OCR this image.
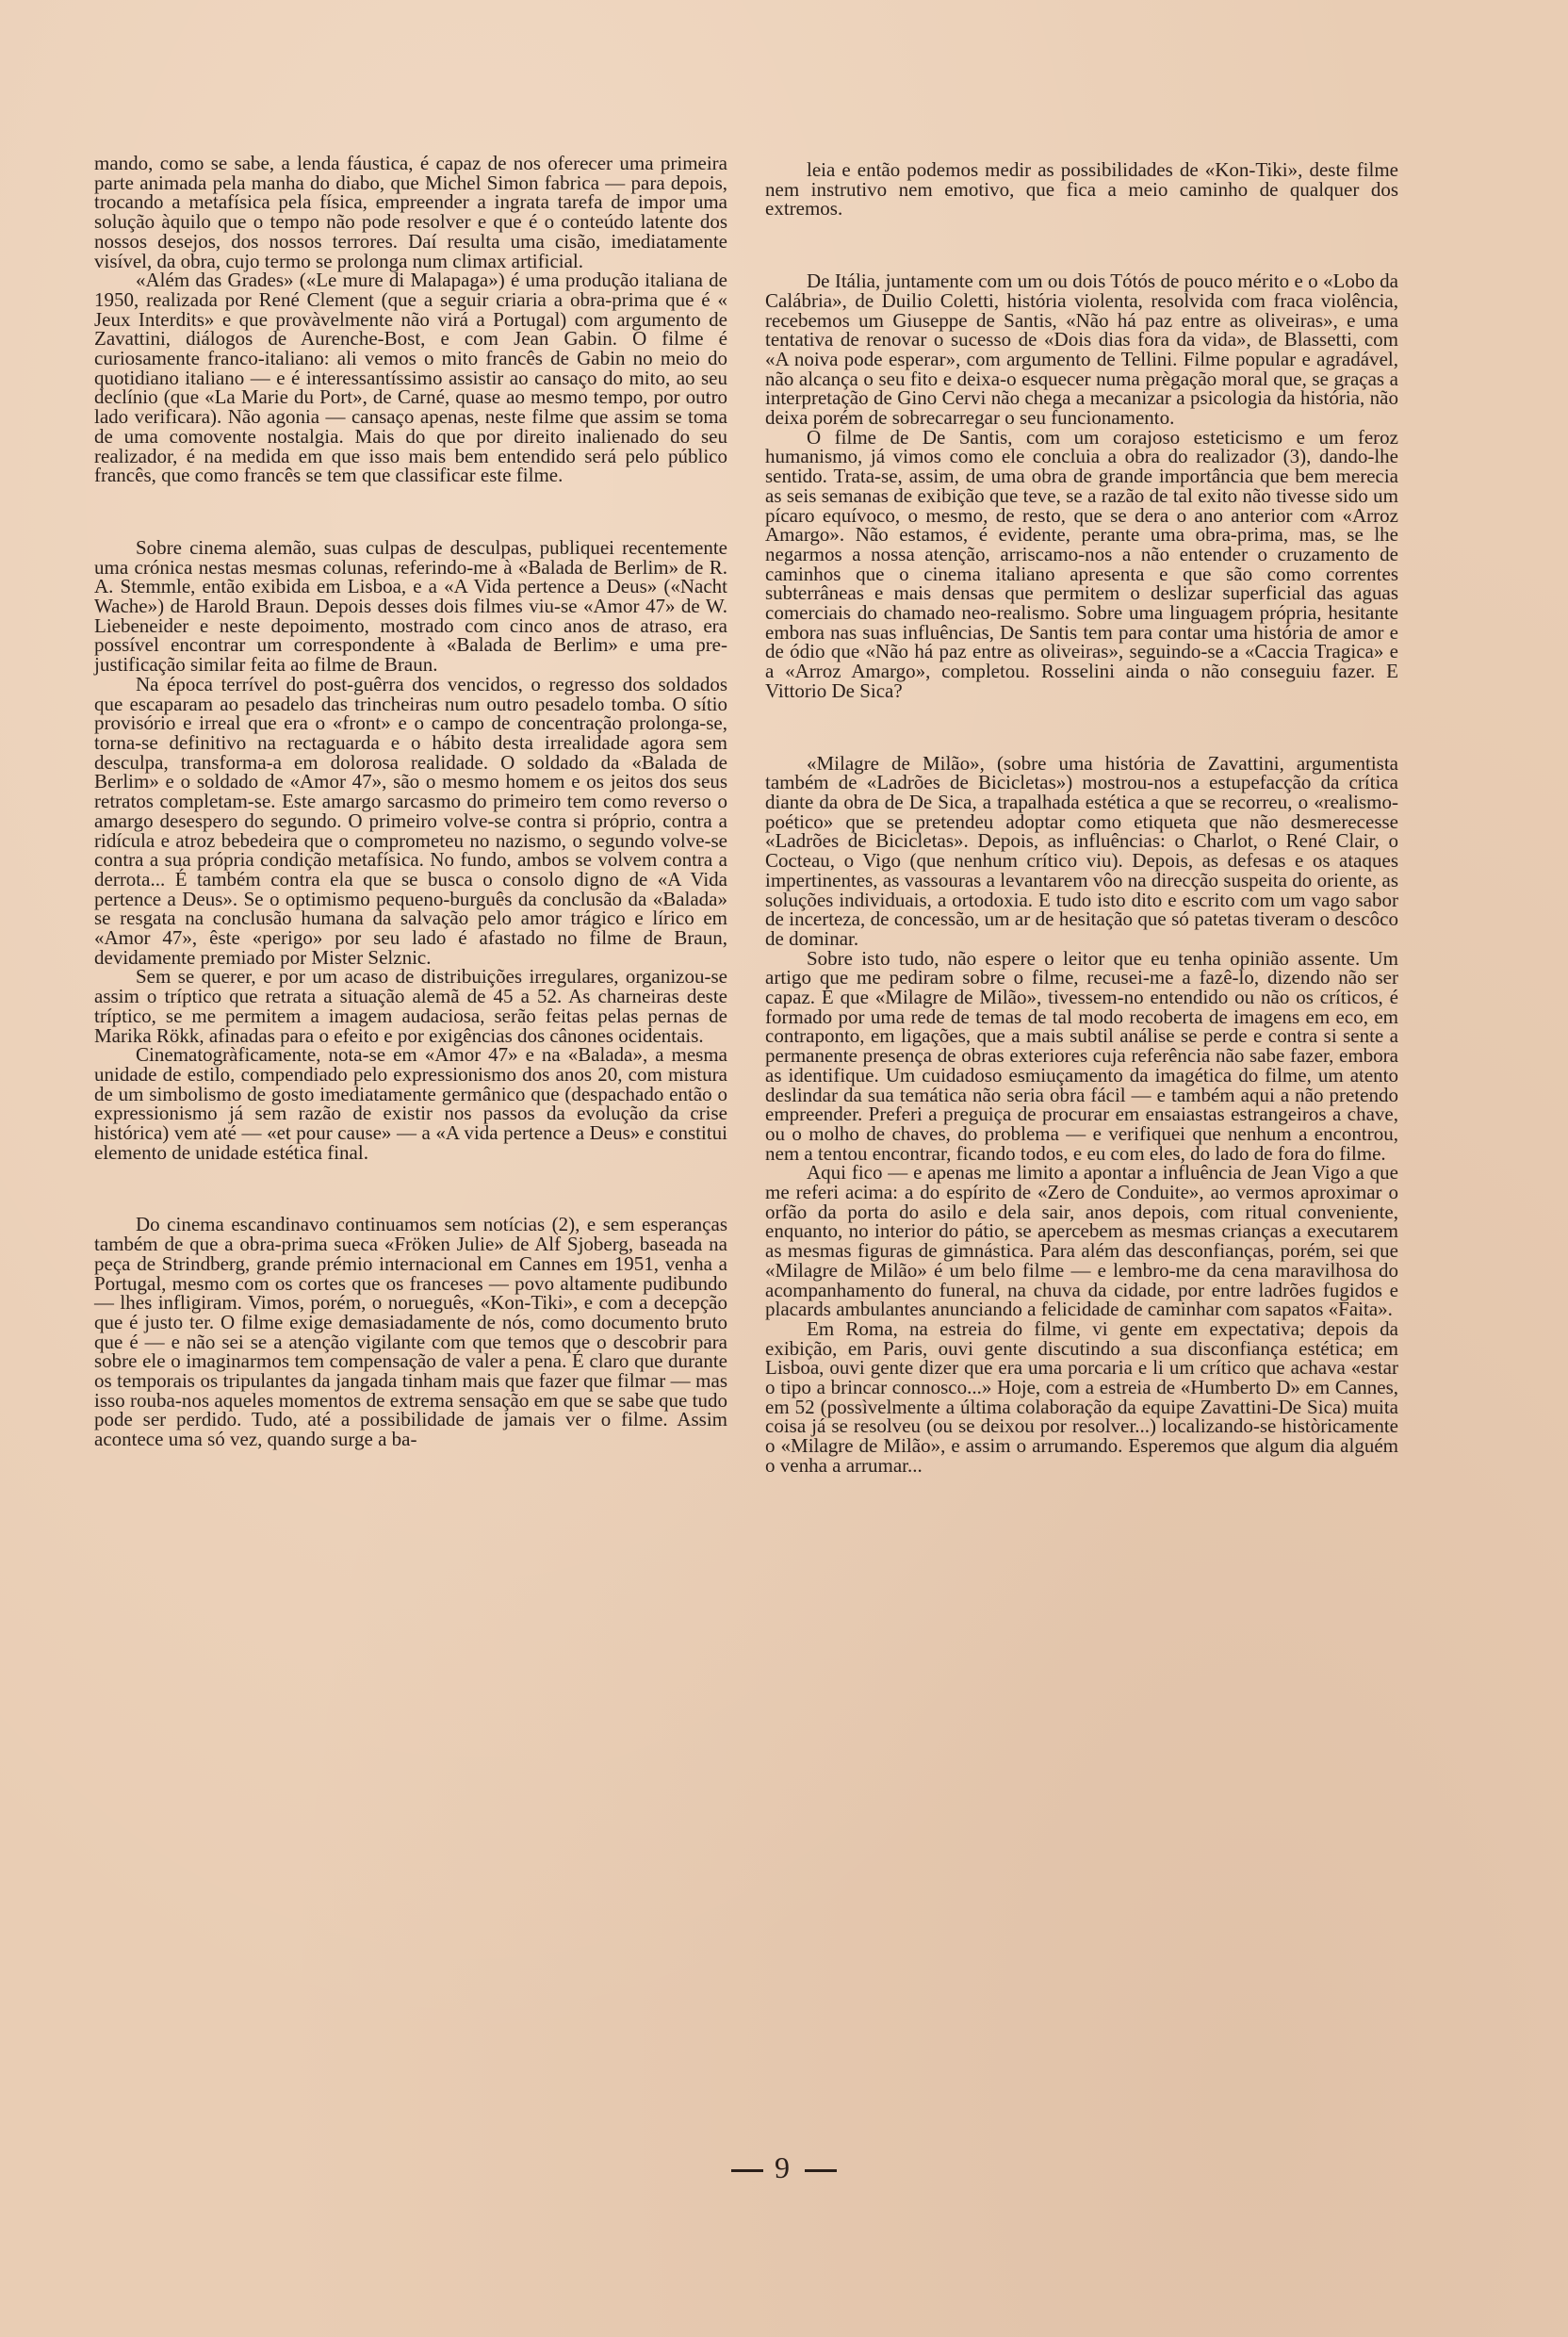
mando, como se sabe, a lenda fáustica, é capaz de nos oferecer uma primeira parte animada pela manha do diabo, que Michel Simon fabrica — para depois, trocando a metafísica pela física, empreender a ingrata tarefa de impor uma solução àquilo que o tempo não pode resolver e que é o conteúdo latente dos nossos desejos, dos nossos terrores. Daí resulta uma cisão, imediatamente visível, da obra, cujo termo se prolonga num climax artificial.

«Além das Grades» («Le mure di Malapaga») é uma produção italiana de 1950, realizada por René Clement (que a seguir criaria a obra-prima que é « Jeux Interdits» e que provàvelmente não virá a Portugal) com argumento de Zavattini, diálogos de Aurenche-Bost, e com Jean Gabin. O filme é curiosamente franco-italiano: ali vemos o mito francês de Gabin no meio do quotidiano italiano — e é interessantíssimo assistir ao cansaço do mito, ao seu declínio (que «La Marie du Port», de Carné, quase ao mesmo tempo, por outro lado verificara). Não agonia — cansaço apenas, neste filme que assim se toma de uma comovente nostalgia. Mais do que por direito inalienado do seu realizador, é na medida em que isso mais bem entendido será pelo público francês, que como francês se tem que classificar este filme.

Sobre cinema alemão, suas culpas de desculpas, publiquei recentemente uma crónica nestas mesmas colunas, referindo-me à «Balada de Berlim» de R. A. Stemmle, então exibida em Lisboa, e a «A Vida pertence a Deus» («Nacht Wache») de Harold Braun. Depois desses dois filmes viu-se «Amor 47» de W. Liebeneider e neste depoimento, mostrado com cinco anos de atraso, era possível encontrar um correspondente à «Balada de Berlim» e uma pre-justificação similar feita ao filme de Braun.

Na época terrível do post-guêrra dos vencidos, o regresso dos soldados que escaparam ao pesadelo das trincheiras num outro pesadelo tomba. O sítio provisório e irreal que era o «front» e o campo de concentração prolonga-se, torna-se definitivo na rectaguarda e o hábito desta irrealidade agora sem desculpa, transforma-a em dolorosa realidade. O soldado da «Balada de Berlim» e o soldado de «Amor 47», são o mesmo homem e os jeitos dos seus retratos completam-se. Este amargo sarcasmo do primeiro tem como reverso o amargo desespero do segundo. O primeiro volve-se contra si próprio, contra a ridícula e atroz bebedeira que o comprometeu no nazismo, o segundo volve-se contra a sua própria condição metafísica. No fundo, ambos se volvem contra a derrota... É também contra ela que se busca o consolo digno de «A Vida pertence a Deus». Se o optimismo pequeno-burguês da conclusão da «Balada» se resgata na conclusão humana da salvação pelo amor trágico e lírico em «Amor 47», êste «perigo» por seu lado é afastado no filme de Braun, devidamente premiado por Mister Selznic.

Sem se querer, e por um acaso de distribuições irregulares, organizou-se assim o tríptico que retrata a situação alemã de 45 a 52. As charneiras deste tríptico, se me permitem a imagem audaciosa, serão feitas pelas pernas de Marika Rökk, afinadas para o efeito e por exigências dos cânones ocidentais.

Cinematogràficamente, nota-se em «Amor 47» e na «Balada», a mesma unidade de estilo, compendiado pelo expressionismo dos anos 20, com mistura de um simbolismo de gosto imediatamente germânico que (despachado então o expressionismo já sem razão de existir nos passos da evolução da crise histórica) vem até — «et pour cause» — a «A vida pertence a Deus» e constitui elemento de unidade estética final.

Do cinema escandinavo continuamos sem notícias (2), e sem esperanças também de que a obra-prima sueca «Fröken Julie» de Alf Sjoberg, baseada na peça de Strindberg, grande prémio internacional em Cannes em 1951, venha a Portugal, mesmo com os cortes que os franceses — povo altamente pudibundo — lhes infligiram. Vimos, porém, o norueguês, «Kon-Tiki», e com a decepção que é justo ter. O filme exige demasiadamente de nós, como documento bruto que é — e não sei se a atenção vigilante com que temos que o descobrir para sobre ele o imaginarmos tem compensação de valer a pena. É claro que durante os temporais os tripulantes da jangada tinham mais que fazer que filmar — mas isso rouba-nos aqueles momentos de extrema sensação em que se sabe que tudo pode ser perdido. Tudo, até a possibilidade de jamais ver o filme. Assim acontece uma só vez, quando surge a ba-

leia e então podemos medir as possibilidades de «Kon-Tiki», deste filme nem instrutivo nem emotivo, que fica a meio caminho de qualquer dos extremos.

De Itália, juntamente com um ou dois Tótós de pouco mérito e o «Lobo da Calábria», de Duilio Coletti, história violenta, resolvida com fraca violência, recebemos um Giuseppe de Santis, «Não há paz entre as oliveiras», e uma tentativa de renovar o sucesso de «Dois dias fora da vida», de Blassetti, com «A noiva pode esperar», com argumento de Tellini. Filme popular e agradável, não alcança o seu fito e deixa-o esquecer numa prègação moral que, se graças a interpretação de Gino Cervi não chega a mecanizar a psicologia da história, não deixa porém de sobrecarregar o seu funcionamento.

O filme de De Santis, com um corajoso esteticismo e um feroz humanismo, já vimos como ele concluia a obra do realizador (3), dando-lhe sentido. Trata-se, assim, de uma obra de grande importância que bem merecia as seis semanas de exibição que teve, se a razão de tal exito não tivesse sido um pícaro equívoco, o mesmo, de resto, que se dera o ano anterior com «Arroz Amargo». Não estamos, é evidente, perante uma obra-prima, mas, se lhe negarmos a nossa atenção, arriscamo-nos a não entender o cruzamento de caminhos que o cinema italiano apresenta e que são como correntes subterrâneas e mais densas que permitem o deslizar superficial das aguas comerciais do chamado neo-realismo. Sobre uma linguagem própria, hesitante embora nas suas influências, De Santis tem para contar uma história de amor e de ódio que «Não há paz entre as oliveiras», seguindo-se a «Caccia Tragica» e a «Arroz Amargo», completou. Rosselini ainda o não conseguiu fazer. E Vittorio De Sica?

«Milagre de Milão», (sobre uma história de Zavattini, argumentista também de «Ladrões de Bicicletas») mostrou-nos a estupefacção da crítica diante da obra de De Sica, a trapalhada estética a que se recorreu, o «realismo-poético» que se pretendeu adoptar como etiqueta que não desmerecesse «Ladrões de Bicicletas». Depois, as influências: o Charlot, o René Clair, o Cocteau, o Vigo (que nenhum crítico viu). Depois, as defesas e os ataques impertinentes, as vassouras a levantarem vôo na direcção suspeita do oriente, as soluções individuais, a ortodoxia. E tudo isto dito e escrito com um vago sabor de incerteza, de concessão, um ar de hesitação que só patetas tiveram o descôco de dominar.

Sobre isto tudo, não espere o leitor que eu tenha opinião assente. Um artigo que me pediram sobre o filme, recusei-me a fazê-lo, dizendo não ser capaz. É que «Milagre de Milão», tivessem-no entendido ou não os críticos, é formado por uma rede de temas de tal modo recoberta de imagens em eco, em contraponto, em ligações, que a mais subtil análise se perde e contra si sente a permanente presença de obras exteriores cuja referência não sabe fazer, embora as identifique. Um cuidadoso esmiuçamento da imagética do filme, um atento deslindar da sua temática não seria obra fácil — e também aqui a não pretendo empreender. Preferi a preguiça de procurar em ensaiastas estrangeiros a chave, ou o molho de chaves, do problema — e verifiquei que nenhum a encontrou, nem a tentou encontrar, ficando todos, e eu com eles, do lado de fora do filme.

Aqui fico — e apenas me limito a apontar a influência de Jean Vigo a que me referi acima: a do espírito de «Zero de Conduite», ao vermos aproximar o orfão da porta do asilo e dela sair, anos depois, com ritual conveniente, enquanto, no interior do pátio, se apercebem as mesmas crianças a executarem as mesmas figuras de gimnástica. Para além das desconfianças, porém, sei que «Milagre de Milão» é um belo filme — e lembro-me da cena maravilhosa do acompanhamento do funeral, na chuva da cidade, por entre ladrões fugidos e placards ambulantes anunciando a felicidade de caminhar com sapatos «Faita».

Em Roma, na estreia do filme, vi gente em expectativa; depois da exibição, em Paris, ouvi gente discutindo a sua disconfiança estética; em Lisboa, ouvi gente dizer que era uma porcaria e li um crítico que achava «estar o tipo a brincar connosco...» Hoje, com a estreia de «Humberto D» em Cannes, em 52 (possìvelmente a última colaboração da equipe Zavattini-De Sica) muita coisa já se resolveu (ou se deixou por resolver...) localizando-se històricamente o «Milagre de Milão», e assim o arrumando. Esperemos que algum dia alguém o venha a arrumar...

9
